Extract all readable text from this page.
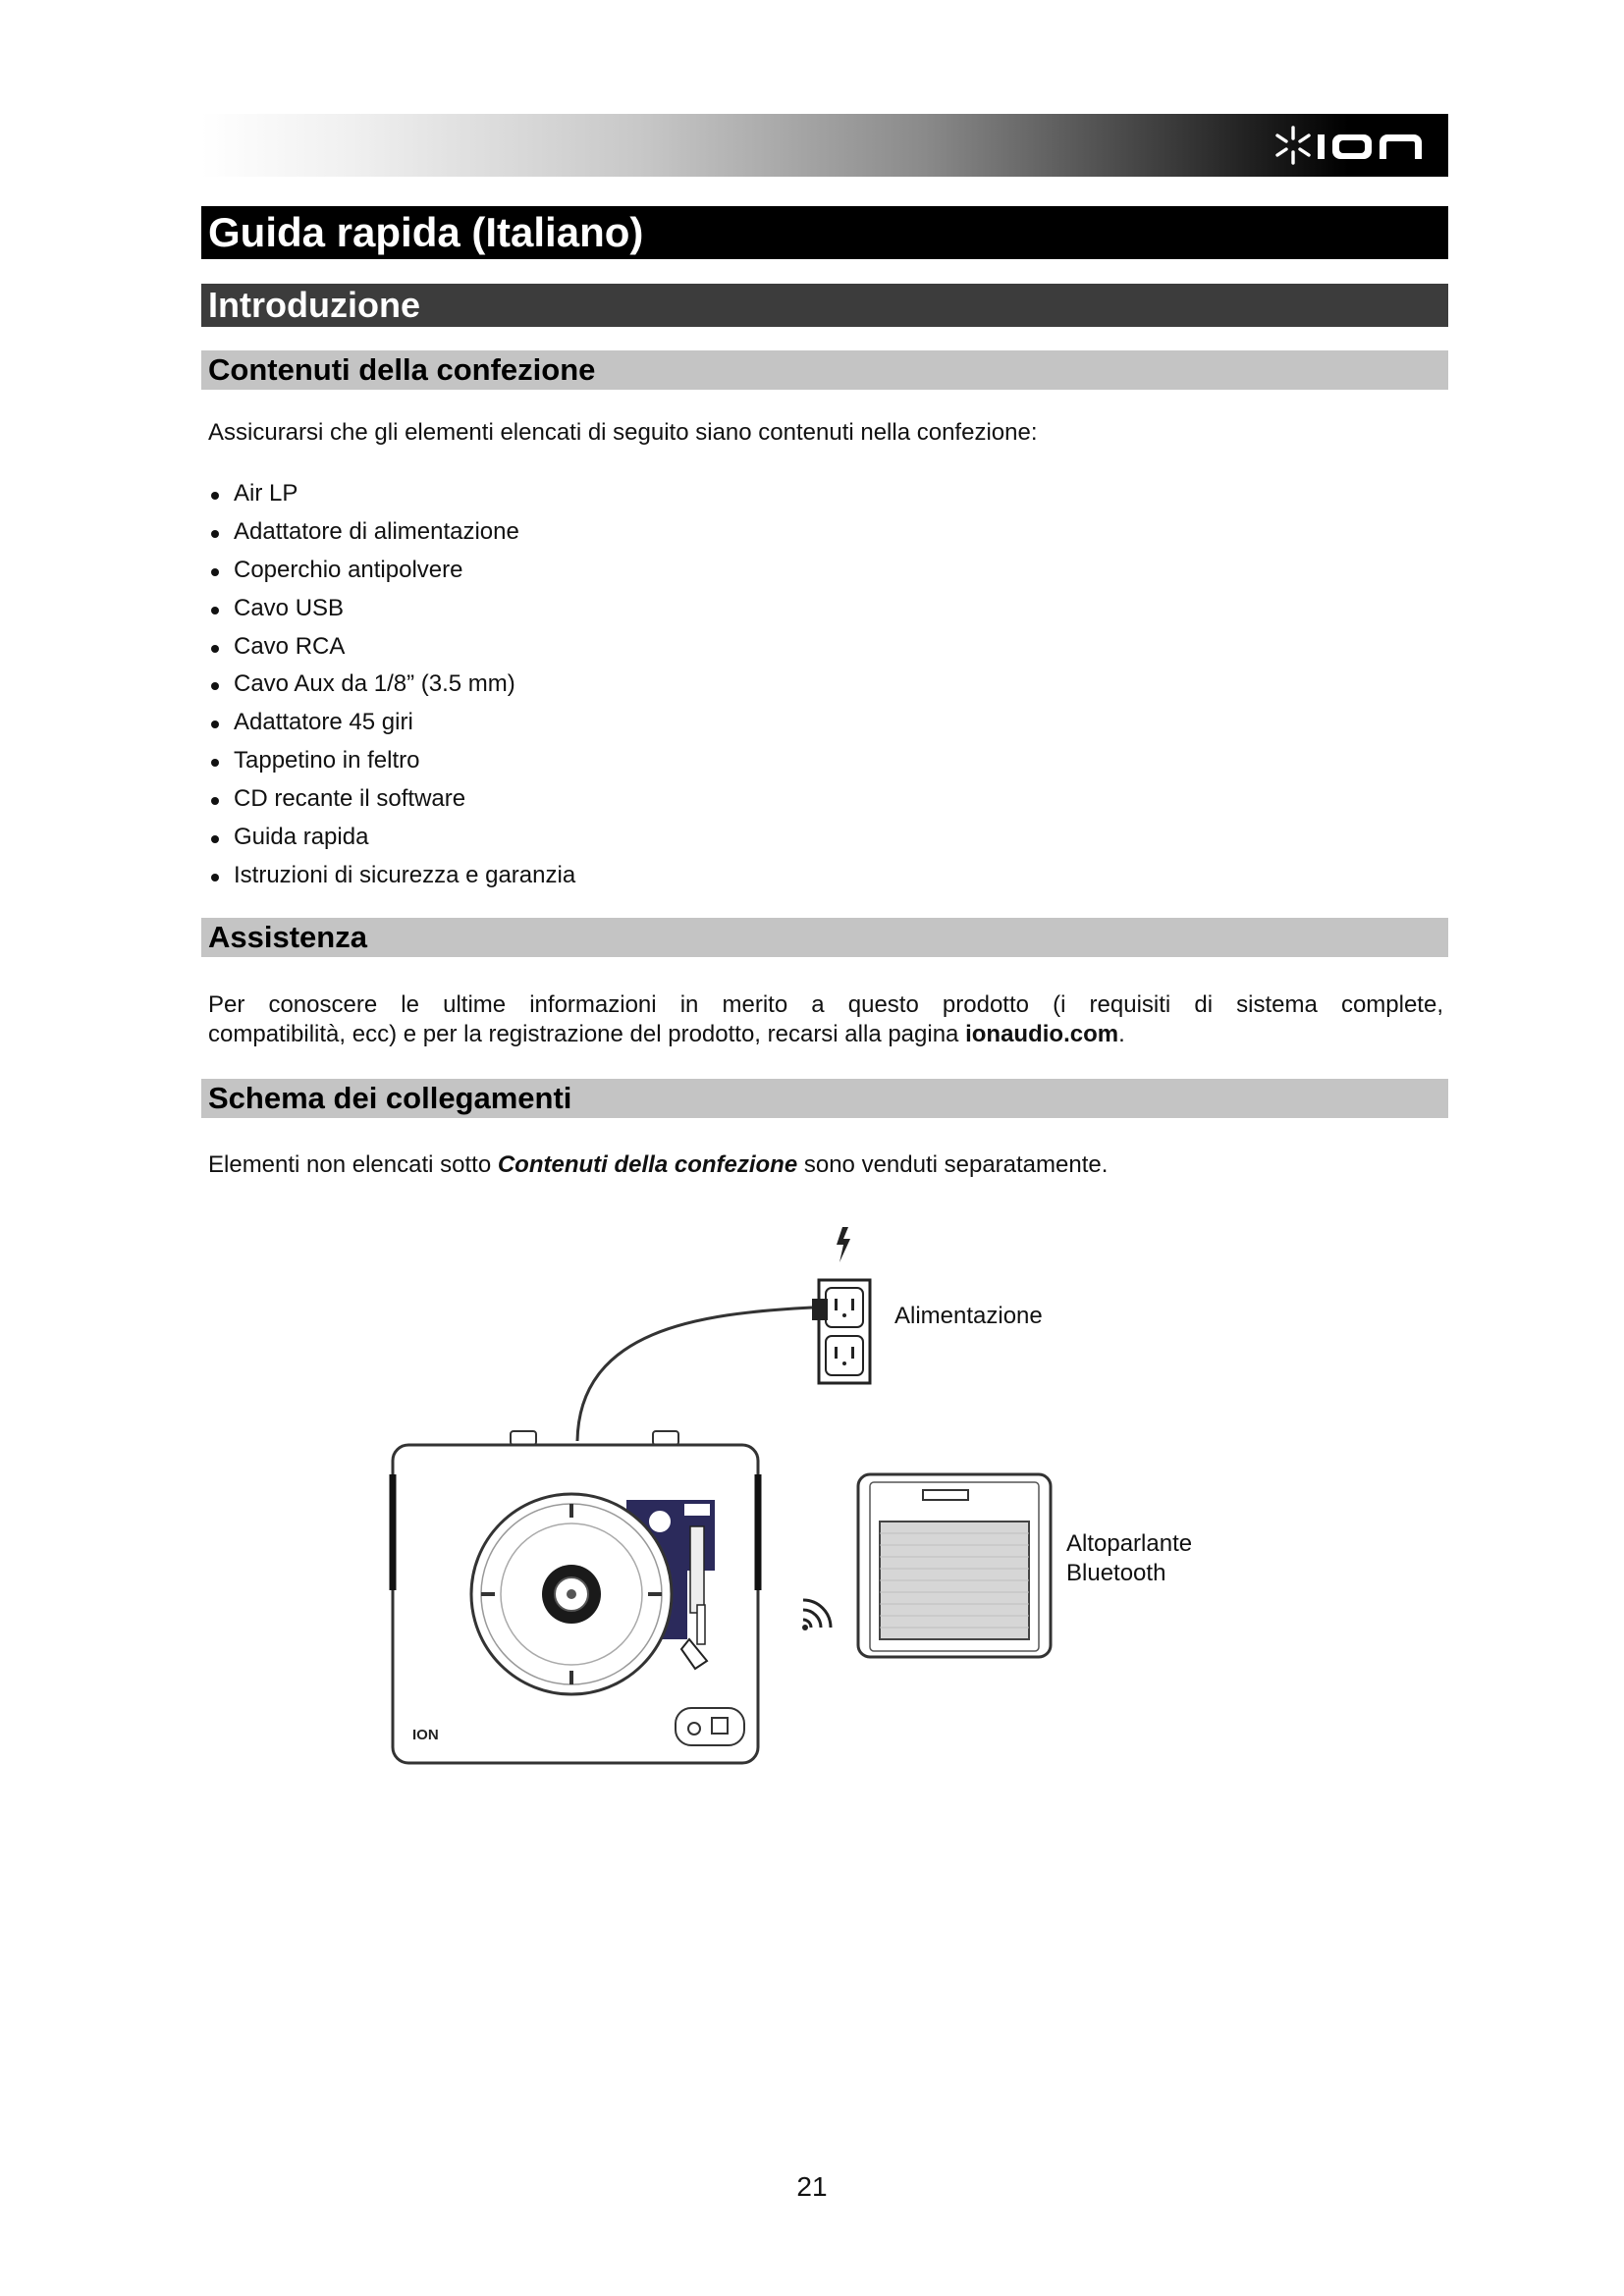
Guida rapida (Italiano)
Introduzione
Contenuti della confezione
Assicurarsi che gli elementi elencati di seguito siano contenuti nella confezione:
Air LP
Adattatore di alimentazione
Coperchio antipolvere
Cavo USB
Cavo RCA
Cavo Aux da 1/8” (3.5 mm)
Adattatore 45 giri
Tappetino in feltro
CD recante il software
Guida rapida
Istruzioni di sicurezza e garanzia
Assistenza
Per conoscere le ultime informazioni in merito a questo prodotto (i requisiti di sistema complete,
compatibilità, ecc) e per la registrazione del prodotto, recarsi alla pagina ionaudio.com.
Schema dei collegamenti
Elementi non elencati sotto Contenuti della confezione sono venduti separatamente.
ION
Alimentazione
Altoparlante
Bluetooth
21
